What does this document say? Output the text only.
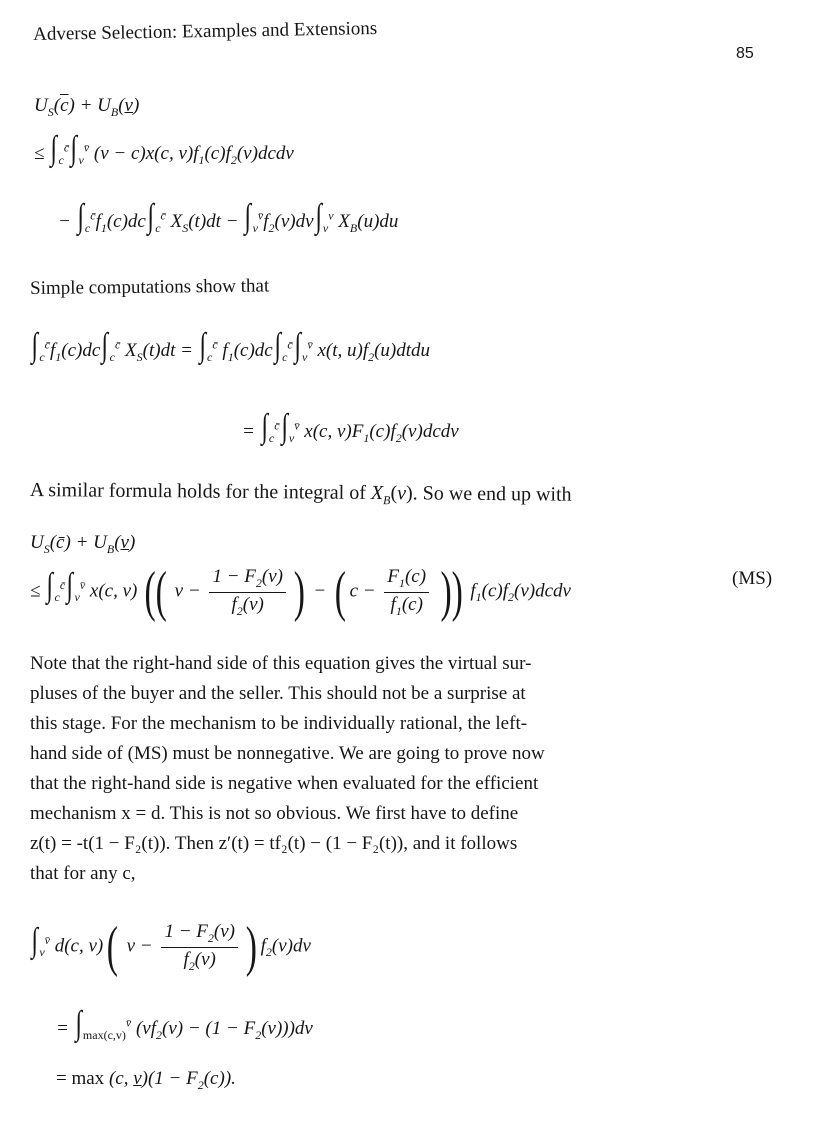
Adverse Selection: Examples and Extensions
85
$U_S(\overline{c}) + U_B(v)$
≤ $\int_c^{c̄}\int_v^{v̄}$ (v − c)x(c, $v)f_1(c)f_2(v)dcdv$
− $\int_c^{c̄}f_1(c)dc\int_c^{c̄}$ $X_S(t)dt - \int_v^{v̄}f_2(v)dv\int_v^v$ $X_B(u)du$
Simple computations show that
$\int_c^{c̄}f_1(c)dc\int_c^{c̄}$ $X_S(t)dt = \int_c^{c̄}$ $f_1(c)dc\int_c^{c̄}\int_v^{v̄}$ x(t, $u)f_2(u)dtdu$
= $\int_c^{c̄}\int_v^{v̄}$ x(c, $v)F_1(c)f_2(v)dcdv$
A similar formula holds for the integral of $X_B(v)$. So we end up with
$U_S(c̄) + U_B(v)$
≤ $\int_c^{c̄}\int_v^{v̄}$ x(c, v) (( $v - \frac{1 - F_2(v)}{f_2(v)}$ ) − ( $c - \frac{F_1(c)}{f_1(c)}$ )) $f_1(c)f_2(v)dcdv$
(MS)
Note that the right-hand side of this equation gives the virtual sur-
pluses of the buyer and the seller. This should not be a surprise at
this stage. For the mechanism to be individually rational, the left-
hand side of (MS) must be nonnegative. We are going to prove now
that the right-hand side is negative when evaluated for the efficient
mechanism x = d. This is not so obvious. We first have to define
z(t) = -t(1 − F₂(t)). Then z′(t) = tf₂(t) − (1 − F₂(t)), and it follows
that for any c,
$\int_v^{v̄}$ d(c, v)( $v - \frac{1 - F_2(v)}{f_2(v)}$ ) $f_2(v)dv$
= $\int_{max(c,v)}^{v̄}$ $(vf_2(v) - (1 - F_2(v)))dv$
= max (c, $v)(1 - F_2(c))$.
